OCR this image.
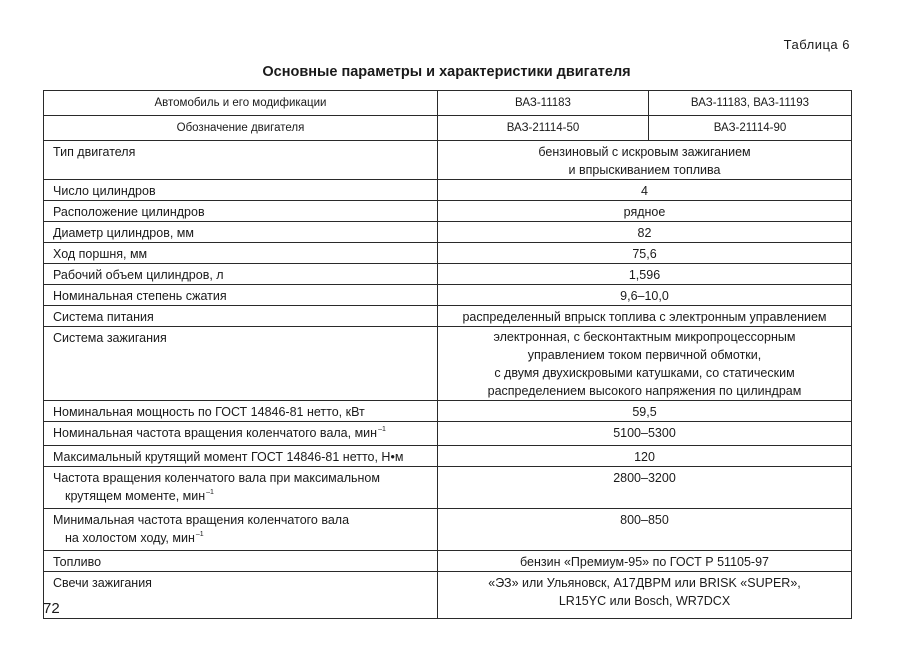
Таблица 6
Основные параметры и характеристики двигателя
Автомобиль и его модификации	ВАЗ-11183	ВАЗ-11183, ВАЗ-11193
Обозначение двигателя	ВАЗ-21114-50	ВАЗ-21114-90
Тип двигателя	бензиновый с искровым зажиганием
и впрыскиванием топлива	

Число цилиндров	4	
Расположение цилиндров	рядное	
Диаметр цилиндров, мм	82	
Ход поршня, мм	75,6	
Рабочий объем цилиндров, л	1,596	
Номинальная степень сжатия	9,6–10,0	
Система питания	распределенный впрыск топлива с электронным управлением	
Система зажигания	электронная, с бесконтактным микропроцессорным
управлением током первичной обмотки,
с двумя двухискровыми катушками, со статическим
распределением высокого напряжения по цилиндрам	

Номинальная мощность по ГОСТ 14846-81 нетто, кВт	59,5	
Номинальная частота вращения коленчатого вала, мин$^{-1}$	5100–5300	
Максимальный крутящий момент ГОСТ 14846-81 нетто, Н•м	120	

Частота вращения коленчатого вала при максимальном
крутящем моменте, мин$^{-1}$	2800–3200	

Минимальная частота вращения коленчатого вала
на холостом ходу, мин$^{-1}$	800–850	
Топливо	бензин «Премиум-95» по ГОСТ Р 51105-97	
Свечи зажигания	«ЭЗ» или Ульяновск, А17ДВРМ или BRISK «SUPER»,
LR15YC или Bosch, WR7DCX	
72
